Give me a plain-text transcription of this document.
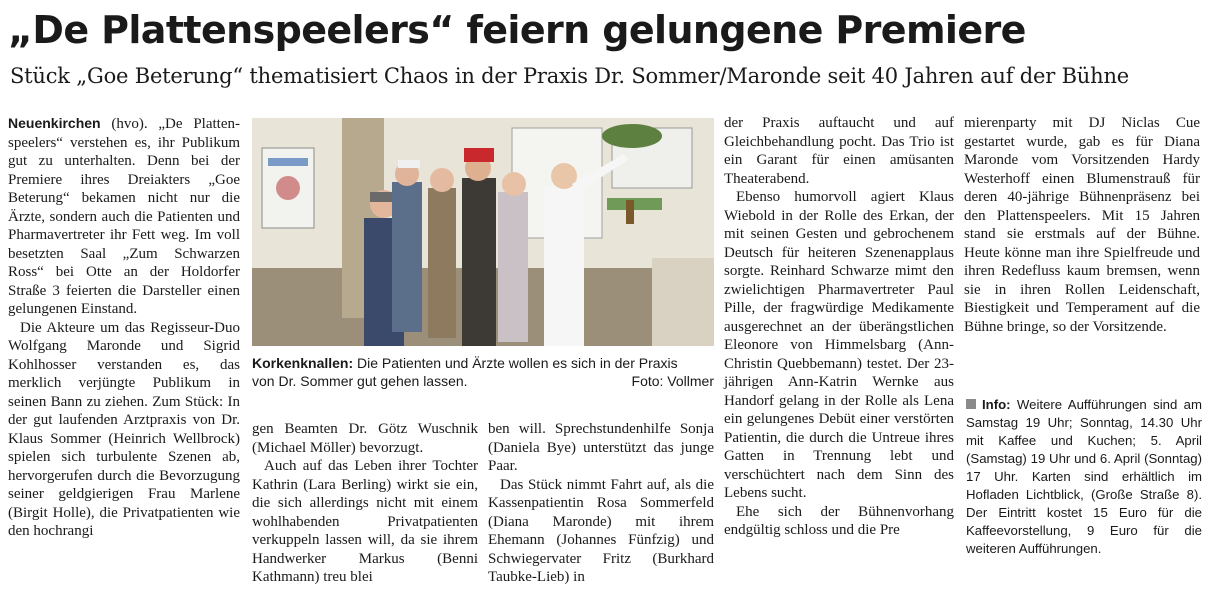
„De Plattenspeelers“ feiern gelungene Premiere
Stück „Goe Beterung“ thematisiert Chaos in der Praxis Dr. Sommer/Maronde seit 40 Jahren auf der Bühne

Neuenkirchen (hvo). „De Plattenspeelers“ verstehen es, ihr Publikum gut zu unterhalten. Denn bei der Premiere ihres Dreiakters „Goe Beterung“ bekamen nicht nur die Ärzte, sondern auch die Patienten und Pharmavertreter ihr Fett weg. Im voll besetzten Saal „Zum Schwarzen Ross“ bei Otte an der Holdorfer Straße 3 feierten die Darsteller einen gelungenen Einstand.

Die Akteure um das Regisseur-Duo Wolfgang Maronde und Sigrid Kohlhosser verstanden es, das merklich verjüngte Publikum in seinen Bann zu ziehen. Zum Stück: In der gut laufenden Arztpraxis von Dr. Klaus Sommer (Heinrich Wellbrock) spielen sich turbulente Szenen ab, hervorgerufen durch die Bevorzugung seiner geldgierigen Frau Marlene (Birgit Holle), die Privatpatienten wie den hochrangi

Korkenknallen: Die Patienten und Ärzte wollen es sich in der Praxis
von Dr. Sommer gut gehen lassen.	Foto: Vollmer

gen Beamten Dr. Götz Wuschnik (Michael Möller) bevorzugt.

Auch auf das Leben ihrer Tochter Kathrin (Lara Berling) wirkt sie ein, die sich allerdings nicht mit einem wohlhabenden Privatpatienten verkuppeln lassen will, da sie ihrem Handwerker Markus (Benni Kathmann) treu blei

ben will. Sprechstundenhilfe Sonja (Daniela Bye) unterstützt das junge Paar.

Das Stück nimmt Fahrt auf, als die Kassenpatientin Rosa Sommerfeld (Diana Maronde) mit ihrem Ehemann (Johannes Fünfzig) und Schwiegervater Fritz (Burkhard Taubke-Lieb) in

der Praxis auftaucht und auf Gleichbehandlung pocht. Das Trio ist ein Garant für einen amüsanten Theaterabend.

Ebenso humorvoll agiert Klaus Wiebold in der Rolle des Erkan, der mit seinen Gesten und gebrochenem Deutsch für heiteren Szenenapplaus sorgte. Reinhard Schwarze mimt den zwielichtigen Pharmavertreter Paul Pille, der fragwürdige Medikamente ausgerechnet an der überängstlichen Eleonore von Himmelsbarg (Ann-Christin Quebbemann) testet. Der 23-jährigen Ann-Katrin Wernke aus Handorf gelang in der Rolle als Lena ein gelungenes Debüt einer verstörten Patientin, die durch die Untreue ihres Gatten in Trennung lebt und verschüchtert nach dem Sinn des Lebens sucht.

Ehe sich der Bühnenvorhang endgültig schloss und die Pre

mierenparty mit DJ Niclas Cue gestartet wurde, gab es für Diana Maronde vom Vorsitzenden Hardy Westerhoff einen Blumenstrauß für deren 40-jährige Bühnenpräsenz bei den Plattenspeelers. Mit 15 Jahren stand sie erstmals auf der Bühne. Heute könne man ihre Spielfreude und ihren Redefluss kaum bremsen, wenn sie in ihren Rollen Leidenschaft, Biestigkeit und Temperament auf die Bühne bringe, so der Vorsitzende.

Info: Weitere Aufführungen sind am Samstag 19 Uhr; Sonntag, 14.30 Uhr mit Kaffee und Kuchen; 5. April (Samstag) 19 Uhr und 6. April (Sonntag) 17 Uhr. Karten sind erhältlich im Hofladen Lichtblick, (Große Straße 8). Der Eintritt kostet 15 Euro für die Kaffeevorstellung, 9 Euro für die weiteren Aufführungen.
